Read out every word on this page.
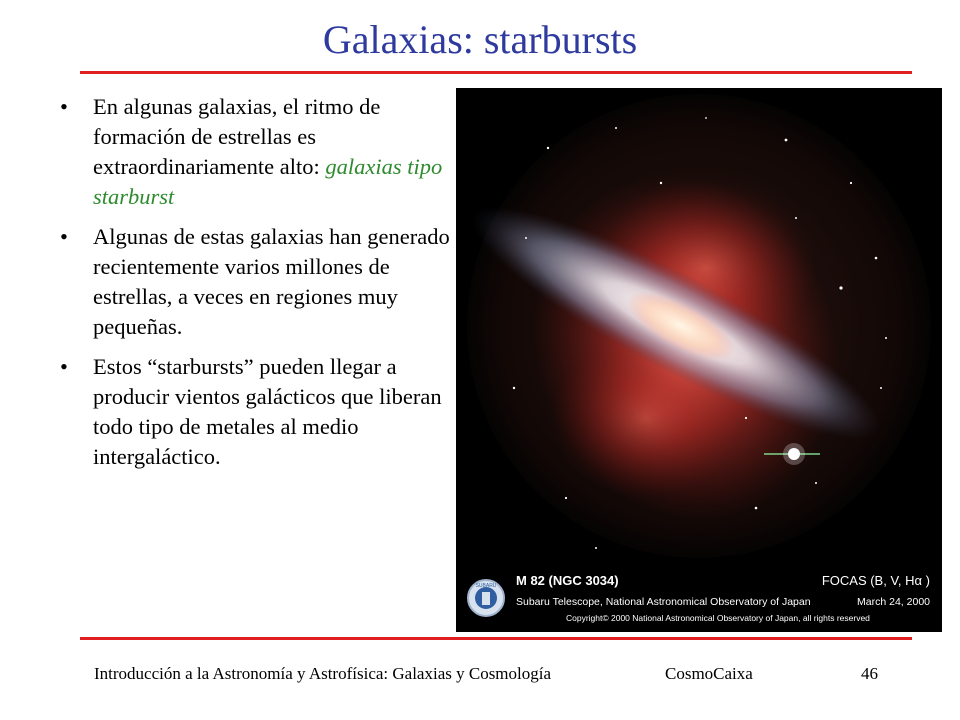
Galaxias: starbursts
• En algunas galaxias, el ritmo de formación de estrellas es extraordinariamente alto: galaxias tipo starburst
• Algunas de estas galaxias han generado recientemente varios millones de estrellas, a veces en regiones muy pequeñas.
• Estos “starbursts” pueden llegar a producir vientos galácticos que liberan todo tipo de metales al medio intergaláctico.
SUBARU M 82 (NGC 3034)	FOCAS (B, V, Hα )
Subaru Telescope, National Astronomical Observatory of Japan	March 24, 2000
Copyright© 2000 National Astronomical Observatory of Japan, all rights reserved
Introducción a la Astronomía y Astrofísica: Galaxias y Cosmología	CosmoCaixa	46
